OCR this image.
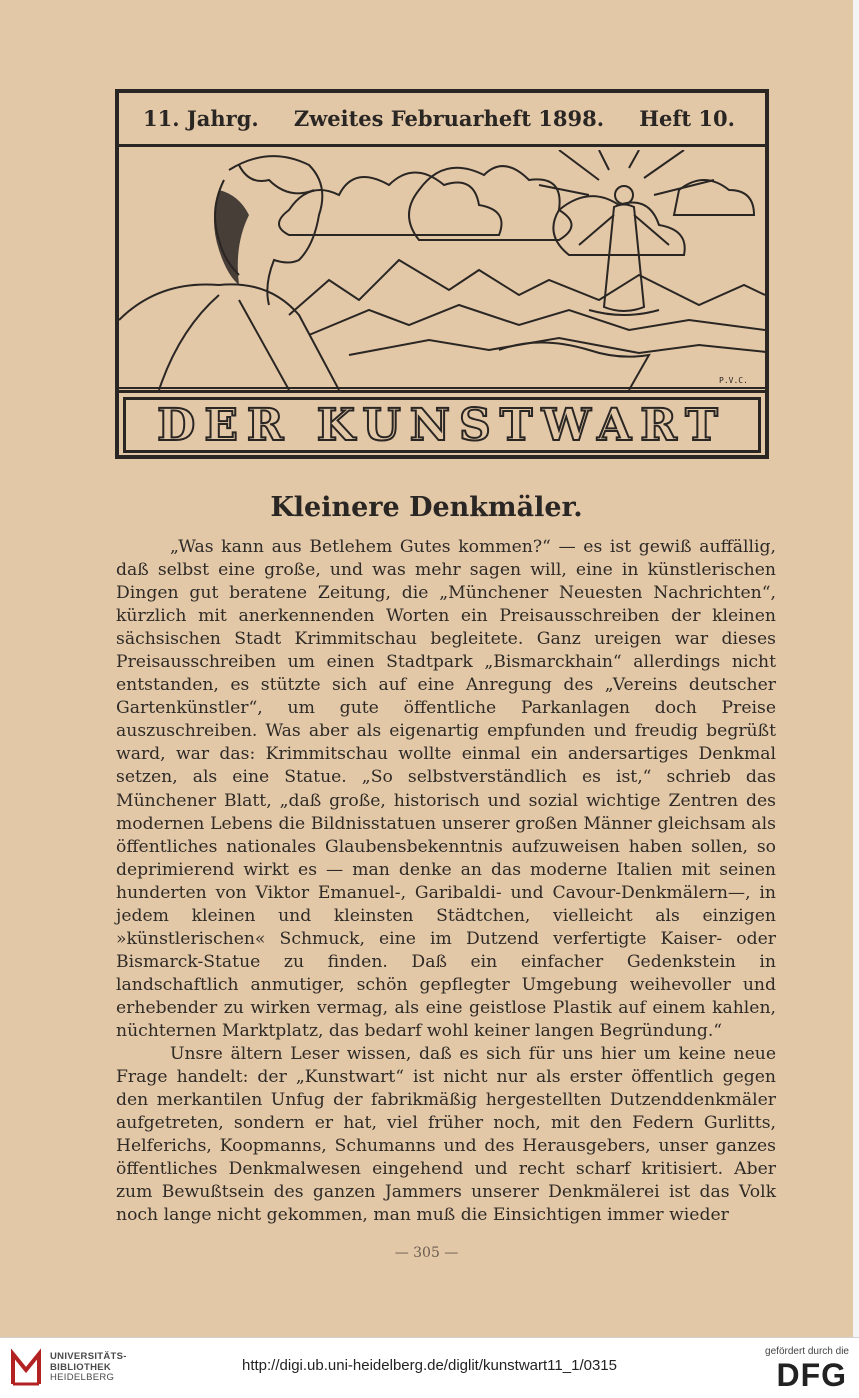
11. Jahrg. Zweites Februarheft 1898. Heft 10.
P.V.C.
DER KUNSTWART
Kleinere Denkmäler.

„Was kann aus Betlehem Gutes kommen?“ — es ist gewiß auffällig, daß selbst eine große, und was mehr sagen will, eine in künstlerischen Dingen gut beratene Zeitung, die „Münchener Neuesten Nachrichten“, kürzlich mit anerkennenden Worten ein Preisausschreiben der kleinen sächsischen Stadt Krimmitschau begleitete. Ganz ureigen war dieses Preisausschreiben um einen Stadtpark „Bismarckhain“ allerdings nicht entstanden, es stützte sich auf eine Anregung des „Vereins deutscher Gartenkünstler“, um gute öffentliche Parkanlagen doch Preise auszuschreiben. Was aber als eigenartig empfunden und freudig begrüßt ward, war das: Krimmitschau wollte einmal ein andersartiges Denkmal setzen, als eine Statue. „So selbstverständlich es ist,“ schrieb das Münchener Blatt, „daß große, historisch und sozial wichtige Zentren des modernen Lebens die Bildnisstatuen unserer großen Männer gleichsam als öffentliches nationales Glaubensbekenntnis aufzuweisen haben sollen, so deprimierend wirkt es — man denke an das moderne Italien mit seinen hunderten von Viktor Emanuel-, Garibaldi- und Cavour-Denkmälern—, in jedem kleinen und kleinsten Städtchen, vielleicht als einzigen »künstlerischen« Schmuck, eine im Dutzend verfertigte Kaiser- oder Bismarck-Statue zu finden. Daß ein einfacher Gedenkstein in landschaftlich anmutiger, schön gepflegter Umgebung weihevoller und erhebender zu wirken vermag, als eine geistlose Plastik auf einem kahlen, nüchternen Marktplatz, das bedarf wohl keiner langen Begründung.“

Unsre ältern Leser wissen, daß es sich für uns hier um keine neue Frage handelt: der „Kunstwart“ ist nicht nur als erster öffentlich gegen den merkantilen Unfug der fabrikmäßig hergestellten Dutzenddenkmäler aufgetreten, sondern er hat, viel früher noch, mit den Federn Gurlitts, Helferichs, Koopmanns, Schumanns und des Herausgebers, unser ganzes öffentliches Denkmalwesen eingehend und recht scharf kritisiert. Aber zum Bewußtsein des ganzen Jammers unserer Denkmälerei ist das Volk noch lange nicht gekommen, man muß die Einsichtigen immer wieder

— 305 —
UNIVERSITÄTS-
BIBLIOTHEK
HEIDELBERG
http://digi.ub.uni-heidelberg.de/diglit/kunstwart11_1/0315
gefördert durch die
DFG
